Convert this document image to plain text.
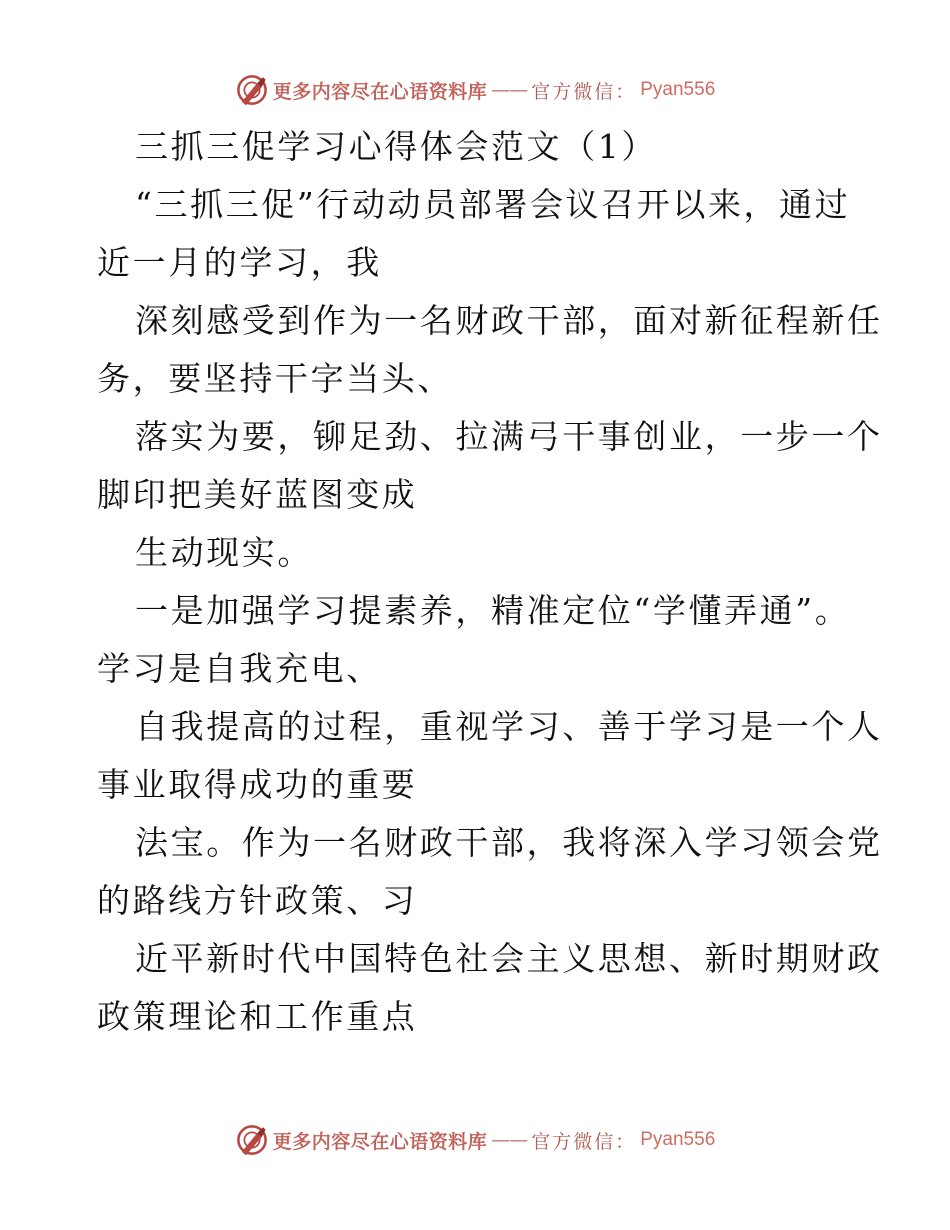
更多内容尽在心语资料库 —— 官方微信： Pyan556
三抓三促学习心得体会范文（1）
“三抓三促”行动动员部署会议召开以来，通过
近一月的学习，我
深刻感受到作为一名财政干部，面对新征程新任
务，要坚持干字当头、
落实为要，铆足劲、拉满弓干事创业，一步一个
脚印把美好蓝图变成
生动现实。
一是加强学习提素养，精准定位“学懂弄通”。
学习是自我充电、
自我提高的过程，重视学习、善于学习是一个人
事业取得成功的重要
法宝。作为一名财政干部，我将深入学习领会党
的路线方针政策、习
近平新时代中国特色社会主义思想、新时期财政
政策理论和工作重点
更多内容尽在心语资料库 —— 官方微信： Pyan556
